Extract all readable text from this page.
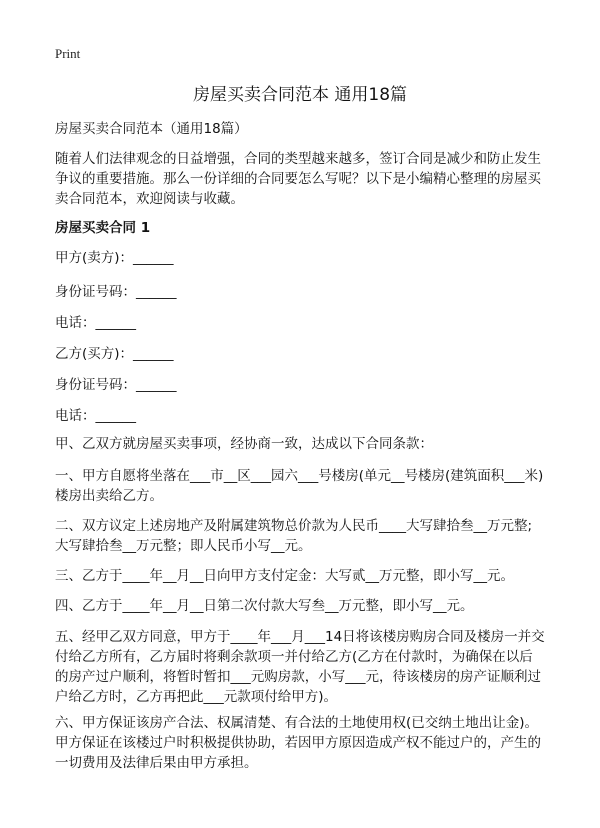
Print
房屋买卖合同范本 通用18篇

房屋买卖合同范本（通用18篇）

随着人们法律观念的日益增强，合同的类型越来越多，签订合同是减少和防止发生
争议的重要措施。那么一份详细的合同要怎么写呢？以下是小编精心整理的房屋买
卖合同范本，欢迎阅读与收藏。

房屋买卖合同 1

甲方(卖方)：______

身份证号码：______

电话：______

乙方(买方)：______

身份证号码：______

电话：______

甲、乙双方就房屋买卖事项，经协商一致，达成以下合同条款：

一、甲方自愿将坐落在___市__区___园六___号楼房(单元__号楼房(建筑面积___米)
楼房出卖给乙方。

二、双方议定上述房地产及附属建筑物总价款为人民币____大写肆拾叁__万元整;
大写肆拾叁__万元整；即人民币小写__元。

三、乙方于____年__月__日向甲方支付定金：大写贰__万元整，即小写__元。

四、乙方于____年__月__日第二次付款大写叁__万元整，即小写__元。

五、经甲乙双方同意，甲方于____年___月___14日将该楼房购房合同及楼房一并交
付给乙方所有，乙方届时将剩余款项一并付给乙方(乙方在付款时，为确保在以后
的房产过户顺利，将暂时暂扣___元购房款，小写___元，待该楼房的房产证顺利过
户给乙方时，乙方再把此___元款项付给甲方)。

六、甲方保证该房产合法、权属清楚、有合法的土地使用权(已交纳土地出让金)。
甲方保证在该楼过户时积极提供协助，若因甲方原因造成产权不能过户的，产生的
一切费用及法律后果由甲方承担。
